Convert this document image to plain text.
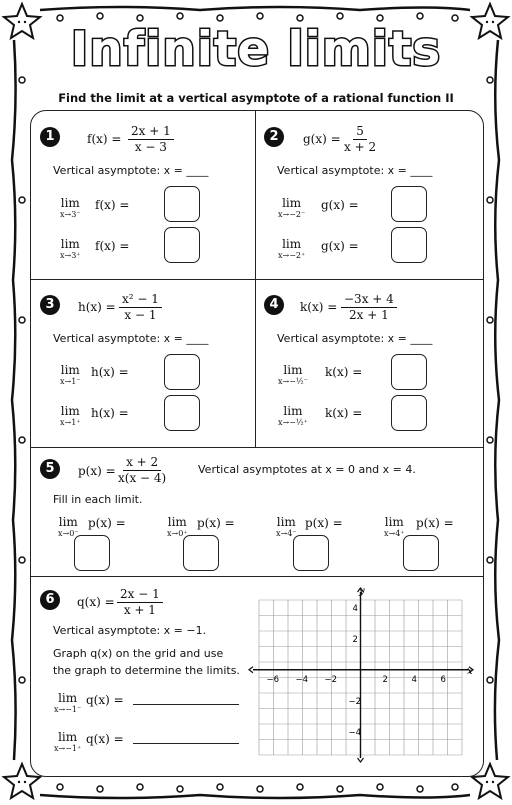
Infinite limits
Find the limit at a vertical asymptote of a rational function II
1	$f(x) = \frac{2x + 1}{x - 3}$
Vertical asymptote: x = ____
lim
x→3⁻
f(x) =
lim
x→3⁺
f(x) =
2	$g(x) = \frac{5}{x + 2}$
Vertical asymptote: x = ____
lim
x→−2⁻
g(x) =
lim
x→−2⁺
g(x) =
3	$h(x) = \frac{\text{x² − 1}}{x - 1}$
Vertical asymptote: x = ____
lim
x→1⁻
h(x) =
lim
x→1⁺
h(x) =
4	$k(x) = \frac{-3x + 4}{2x + 1}$
Vertical asymptote: x = ____
lim
x→−½⁻
k(x) =
lim
x→−½⁺
k(x) =
5	$p(x) = \frac{x + 2}{x(x - 4)}$	Vertical asymptotes at x = 0 and x = 4.
Fill in each limit.
lim
x→0⁻
p(x) =	lim
x→0⁺
p(x) =	lim
x→4⁻
p(x) =	lim
x→4⁺
p(x) =
6	$q(x) = \frac{2x - 1}{x + 1}$
Vertical asymptote: x = −1.
Graph q(x) on the grid and use
the graph to determine the limits.
lim
x→−1⁻
q(x) =
lim
x→−1⁺
q(x) =
y
x
−6 −4 −2	2	4	6
4
2
−2
−4
